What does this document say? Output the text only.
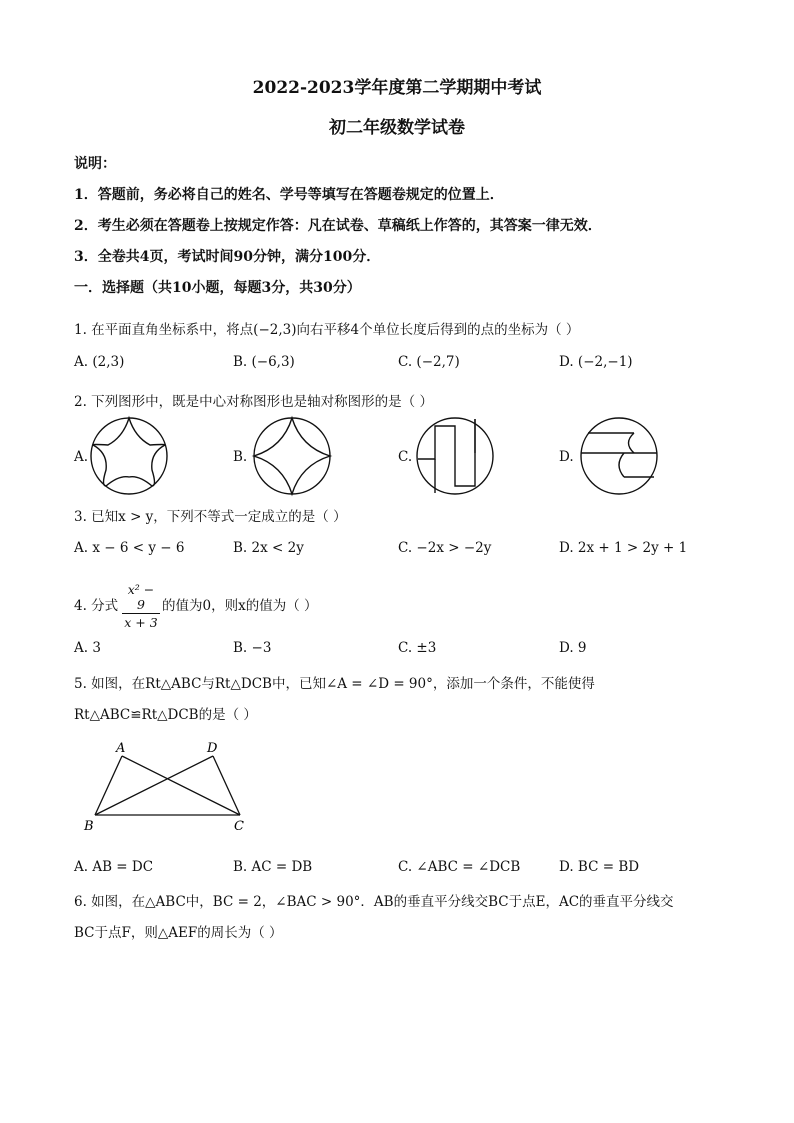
2022-2023学年度第二学期期中考试
初二年级数学试卷
说明：
1．答题前，务必将自己的姓名、学号等填写在答题卷规定的位置上．
2．考生必须在答题卷上按规定作答：凡在试卷、草稿纸上作答的，其答案一律无效．
3．全卷共4页，考试时间90分钟，满分100分．
一．选择题（共10小题，每题3分，共30分）
1. 在平面直角坐标系中，将点(−2,3)向右平移4个单位长度后得到的点的坐标为（ ）
A. (2,3)	B. (−6,3)	C. (−2,7)	D. (−2,−1)
2. 下列图形中，既是中心对称图形也是轴对称图形的是（ ）
A.	B.	C.	D.
3. 已知x > y，下列不等式一定成立的是（ ）
A. x − 6 < y − 6	B. 2x < 2y	C. −2x > −2y	D. 2x + 1 > 2y + 1
4. 分式 $\frac{\text{x² − 9}}{x + 3}$ 的值为0，则x的值为（ ）
A. 3	B. −3	C. ±3	D. 9
5. 如图，在Rt△ABC与Rt△DCB中，已知∠A = ∠D = 90°，添加一个条件，不能使得
Rt△ABC≌Rt△DCB的是（ ）
A	D
B	C
A. AB = DC	B. AC = DB	C. ∠ABC = ∠DCB	D. BC = BD
6. 如图，在△ABC中，BC = 2，∠BAC > 90°．AB的垂直平分线交BC于点E，AC的垂直平分线交
BC于点F，则△AEF的周长为（ ）
